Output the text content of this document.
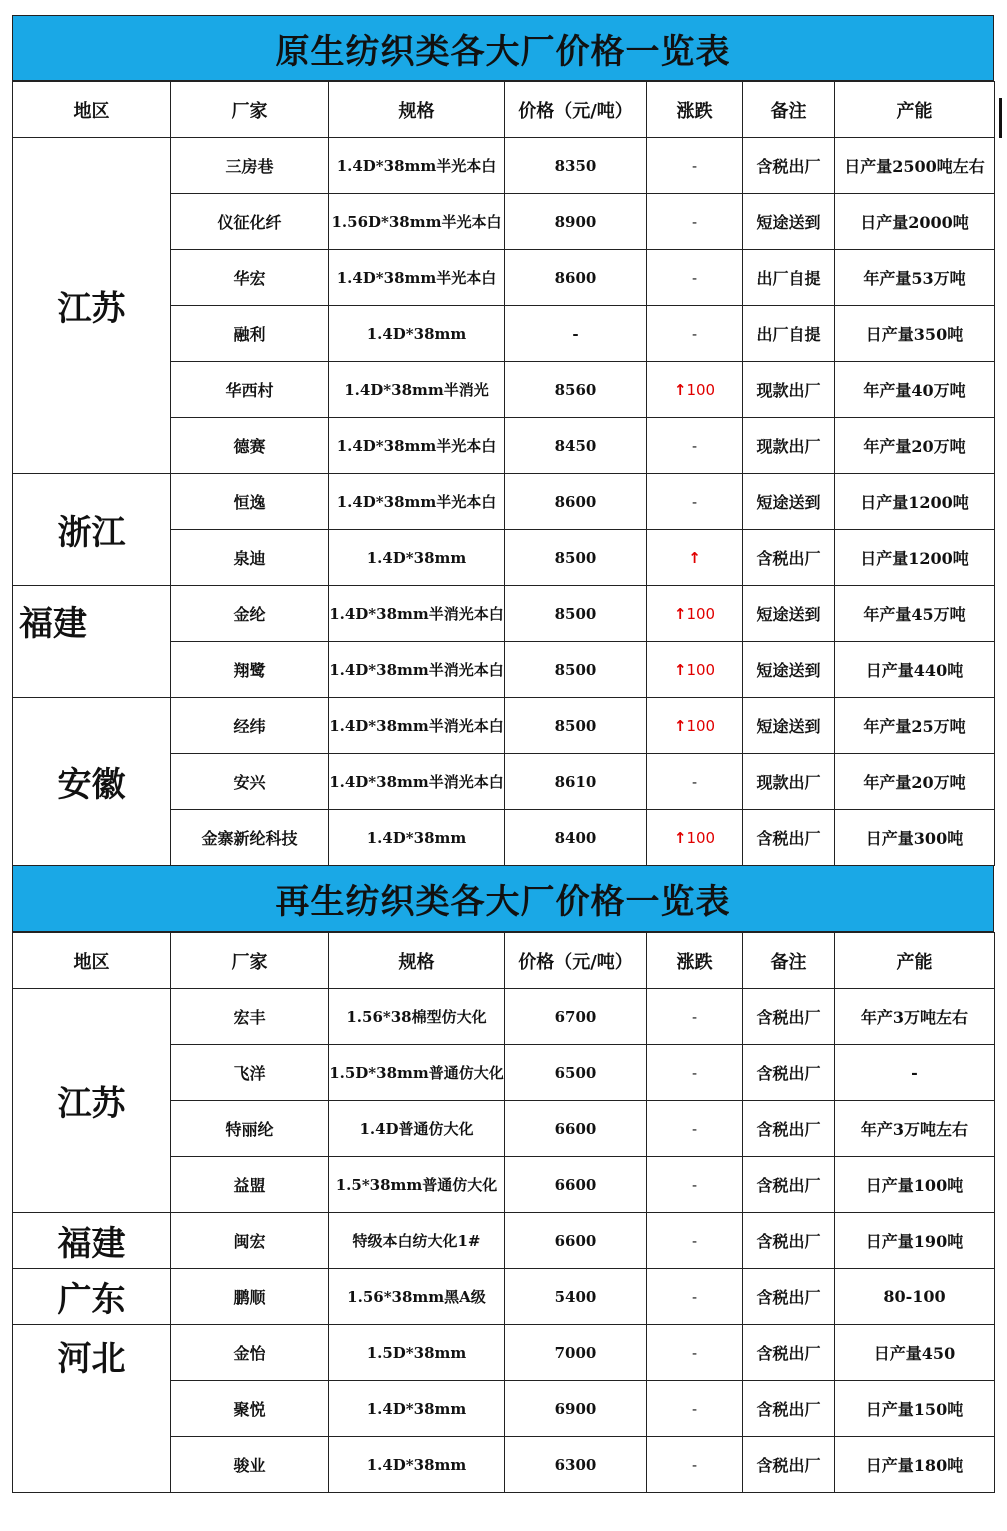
原生纺织类各大厂价格一览表
地区	厂家	规格	价格（元/吨）	涨跌	备注	产能
江苏	三房巷	1.4D*38mm半光本白	8350	-	含税出厂	日产量2500吨左右
	仪征化纤	1.56D*38mm半光本白	8900	-	短途送到	日产量2000吨
	华宏	1.4D*38mm半光本白	8600	-	出厂自提	年产量53万吨
	融利	1.4D*38mm	-	-	出厂自提	日产量350吨
	华西村	1.4D*38mm半消光	8560	↑100	现款出厂	年产量40万吨
	德赛	1.4D*38mm半光本白	8450	-	现款出厂	年产量20万吨
浙江	恒逸	1.4D*38mm半光本白	8600	-	短途送到	日产量1200吨
	泉迪	1.4D*38mm	8500	↑	含税出厂	日产量1200吨
福建	金纶	1.4D*38mm半消光本白	8500	↑100	短途送到	年产量45万吨
	翔鹭	1.4D*38mm半消光本白	8500	↑100	短途送到	日产量440吨
安徽	经纬	1.4D*38mm半消光本白	8500	↑100	短途送到	年产量25万吨
	安兴	1.4D*38mm半消光本白	8610	-	现款出厂	年产量20万吨
	金寨新纶科技	1.4D*38mm	8400	↑100	含税出厂	日产量300吨
再生纺织类各大厂价格一览表
地区	厂家	规格	价格（元/吨）	涨跌	备注	产能
江苏	宏丰	1.56*38棉型仿大化	6700	-	含税出厂	年产3万吨左右
	飞洋	1.5D*38mm普通仿大化	6500	-	含税出厂	-
	特丽纶	1.4D普通仿大化	6600	-	含税出厂	年产3万吨左右
	益盟	1.5*38mm普通仿大化	6600	-	含税出厂	日产量100吨
福建	闽宏	特级本白纺大化1#	6600	-	含税出厂	日产量190吨
广东	鹏顺	1.56*38mm黑A级	5400	-	含税出厂	80-100
河北	金怡	1.5D*38mm	7000	-	含税出厂	日产量450
	聚悦	1.4D*38mm	6900	-	含税出厂	日产量150吨
	骏业	1.4D*38mm	6300	-	含税出厂	日产量180吨
